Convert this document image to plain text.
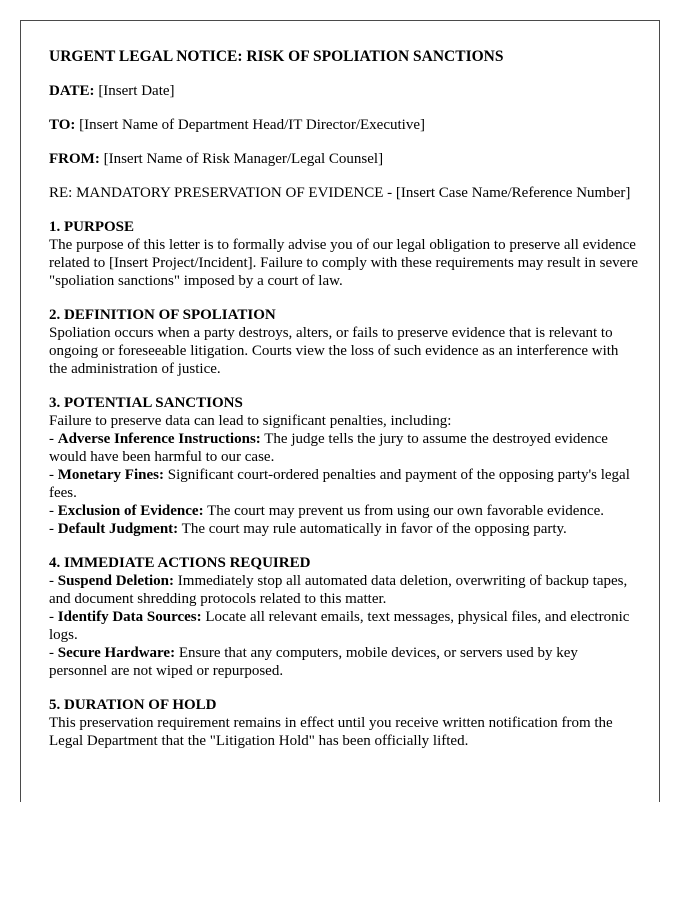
URGENT LEGAL NOTICE: RISK OF SPOLIATION SANCTIONS
DATE: [Insert Date]
TO: [Insert Name of Department Head/IT Director/Executive]
FROM: [Insert Name of Risk Manager/Legal Counsel]
RE: MANDATORY PRESERVATION OF EVIDENCE - [Insert Case Name/Reference Number]
1. PURPOSE
The purpose of this letter is to formally advise you of our legal obligation to preserve all evidence related to [Insert Project/Incident]. Failure to comply with these requirements may result in severe "spoliation sanctions" imposed by a court of law.
2. DEFINITION OF SPOLIATION
Spoliation occurs when a party destroys, alters, or fails to preserve evidence that is relevant to ongoing or foreseeable litigation. Courts view the loss of such evidence as an interference with the administration of justice.
3. POTENTIAL SANCTIONS
Failure to preserve data can lead to significant penalties, including:
- Adverse Inference Instructions: The judge tells the jury to assume the destroyed evidence would have been harmful to our case.
- Monetary Fines: Significant court-ordered penalties and payment of the opposing party's legal fees.
- Exclusion of Evidence: The court may prevent us from using our own favorable evidence.
- Default Judgment: The court may rule automatically in favor of the opposing party.
4. IMMEDIATE ACTIONS REQUIRED
- Suspend Deletion: Immediately stop all automated data deletion, overwriting of backup tapes, and document shredding protocols related to this matter.
- Identify Data Sources: Locate all relevant emails, text messages, physical files, and electronic logs.
- Secure Hardware: Ensure that any computers, mobile devices, or servers used by key personnel are not wiped or repurposed.
5. DURATION OF HOLD
This preservation requirement remains in effect until you receive written notification from the Legal Department that the "Litigation Hold" has been officially lifted.
